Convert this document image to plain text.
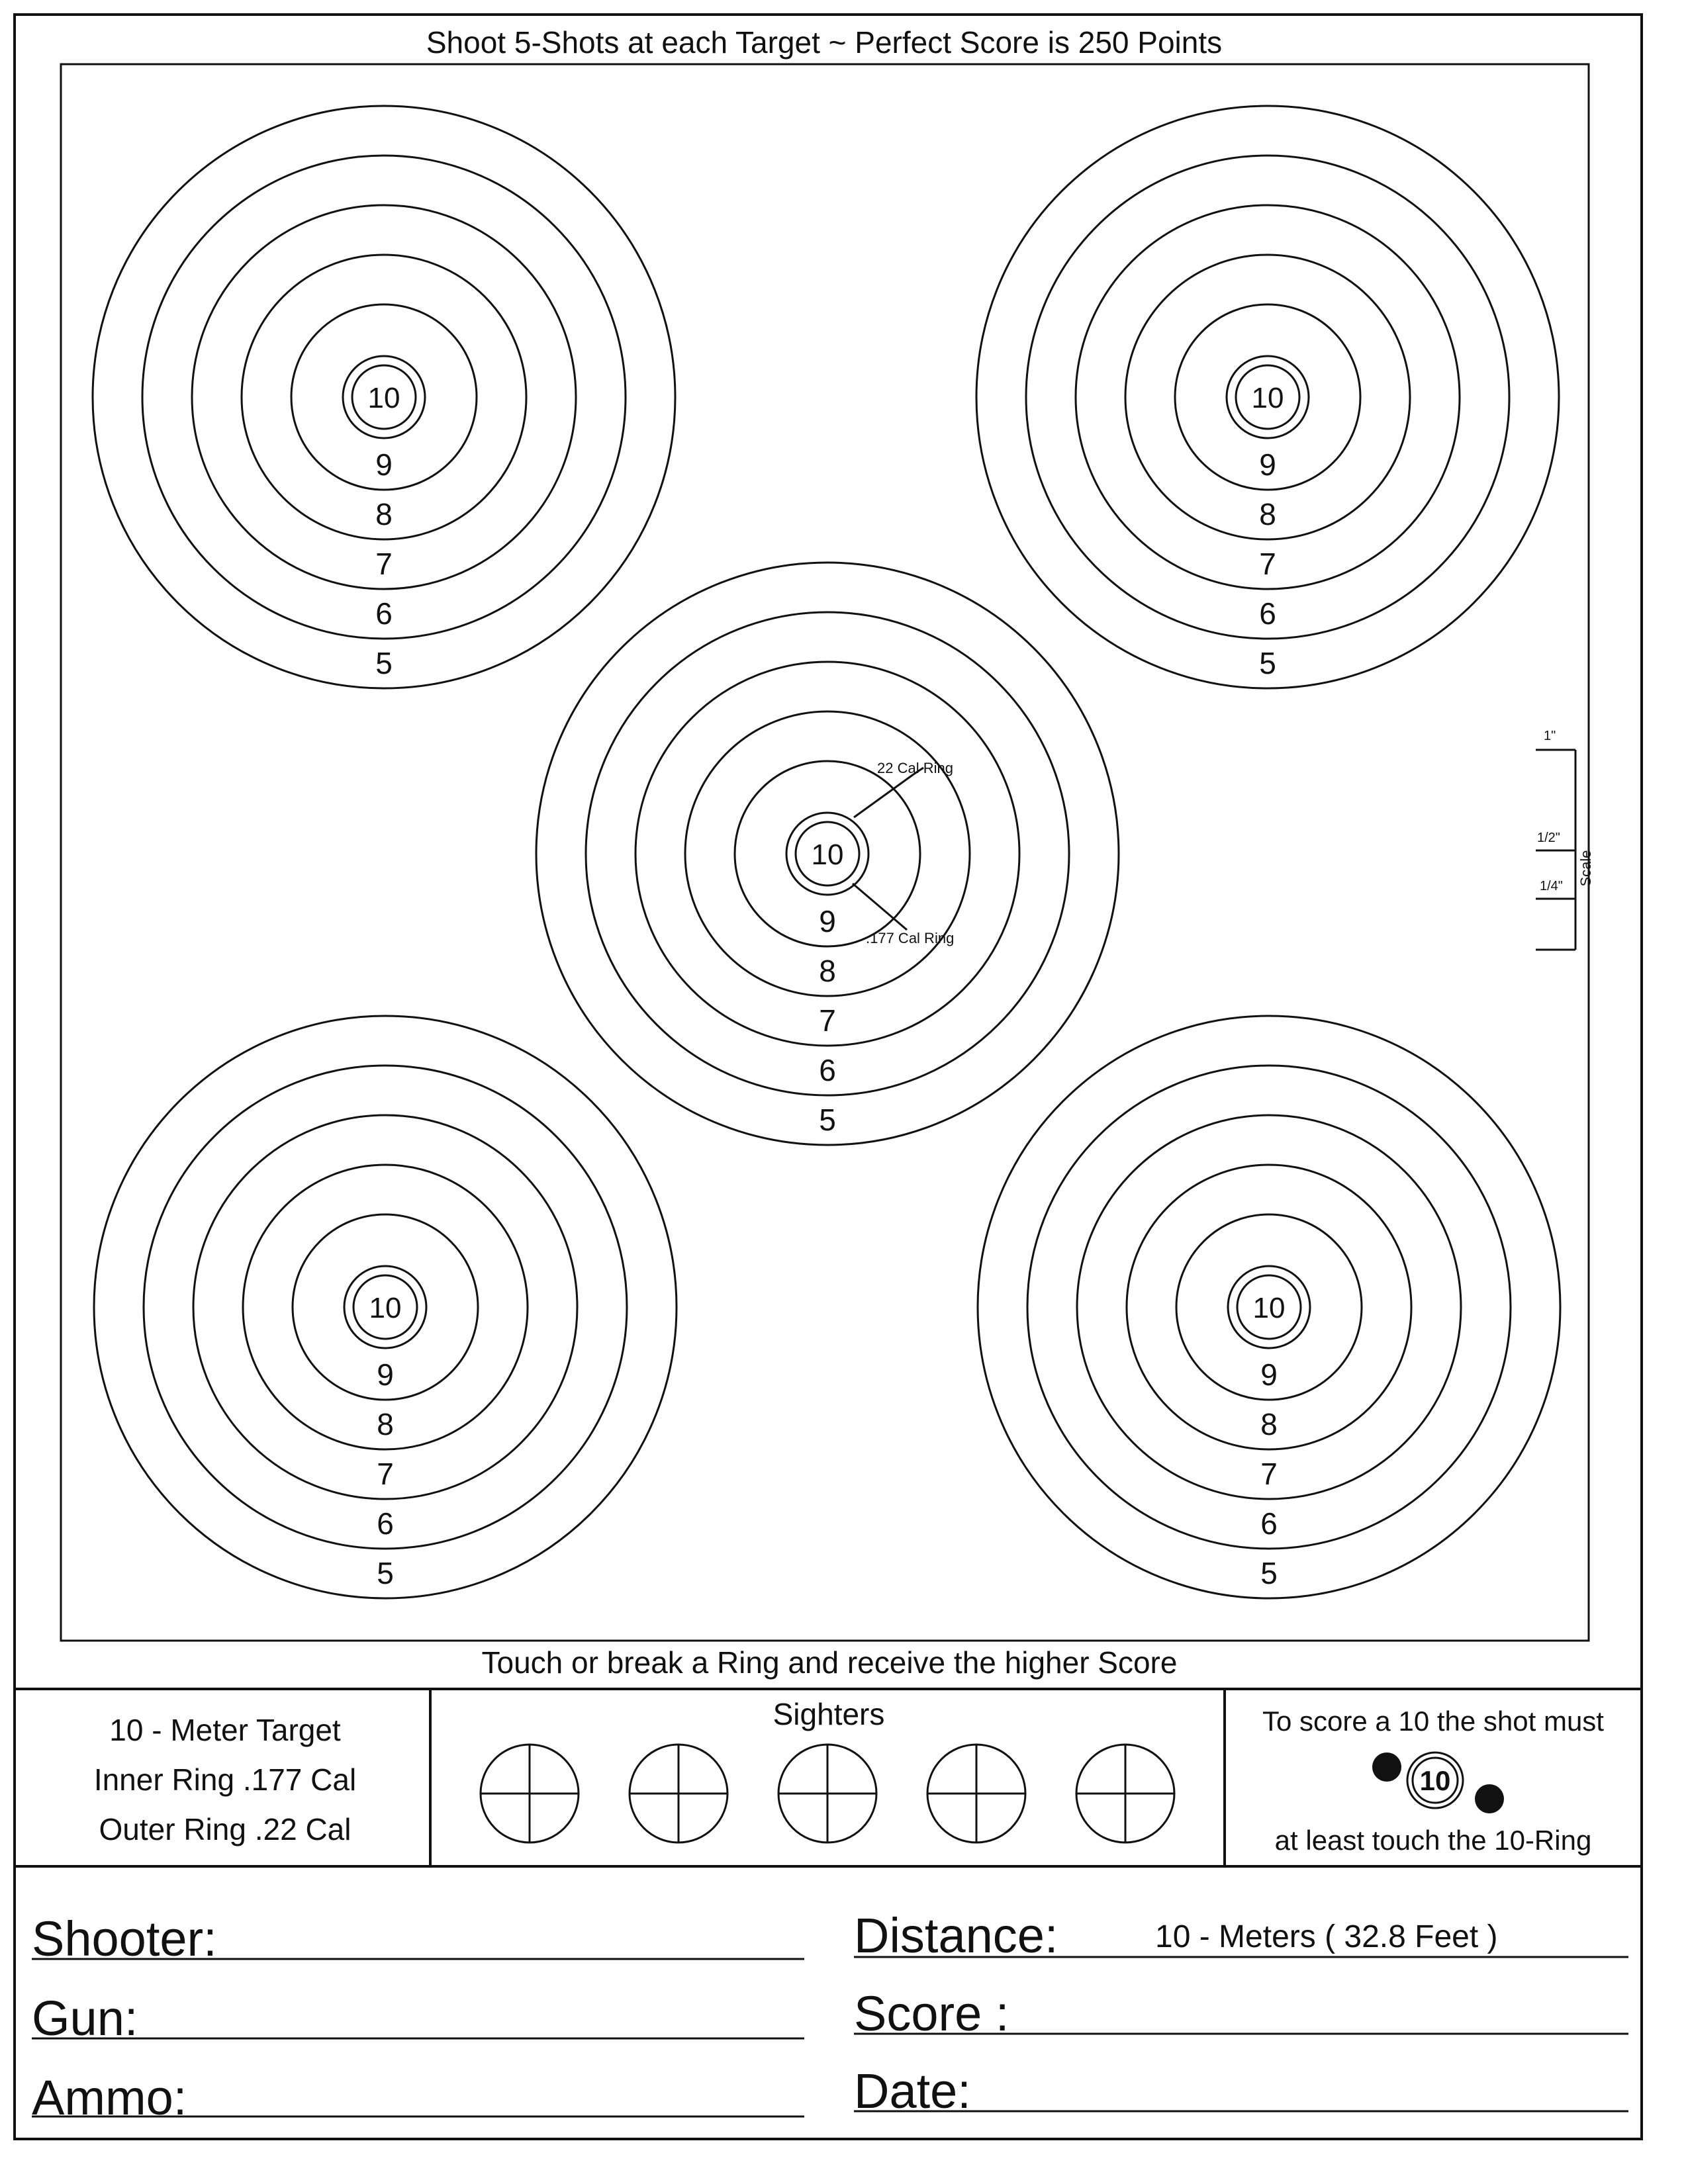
Shoot 5-Shots at each Target ~ Perfect Score is 250 Points
10
9
8
7
6
5
10
9
8
7
6
5
10
9
8
7
6
5
10
9
8
7
6
5
10
9
8
7
6
5
22 Cal Ring
.177 Cal Ring
1"
1/2"
1/4" Scale
Touch or break a Ring and receive the higher Score
10 - Meter Target
Inner Ring .177 Cal
Outer Ring .22 Cal
Sighters	To score a 10 the shot must
10
at least touch the 10-Ring
Shooter:
Gun:
Ammo:
Distance:	10 - Meters ( 32.8 Feet )
Score :
Date:
